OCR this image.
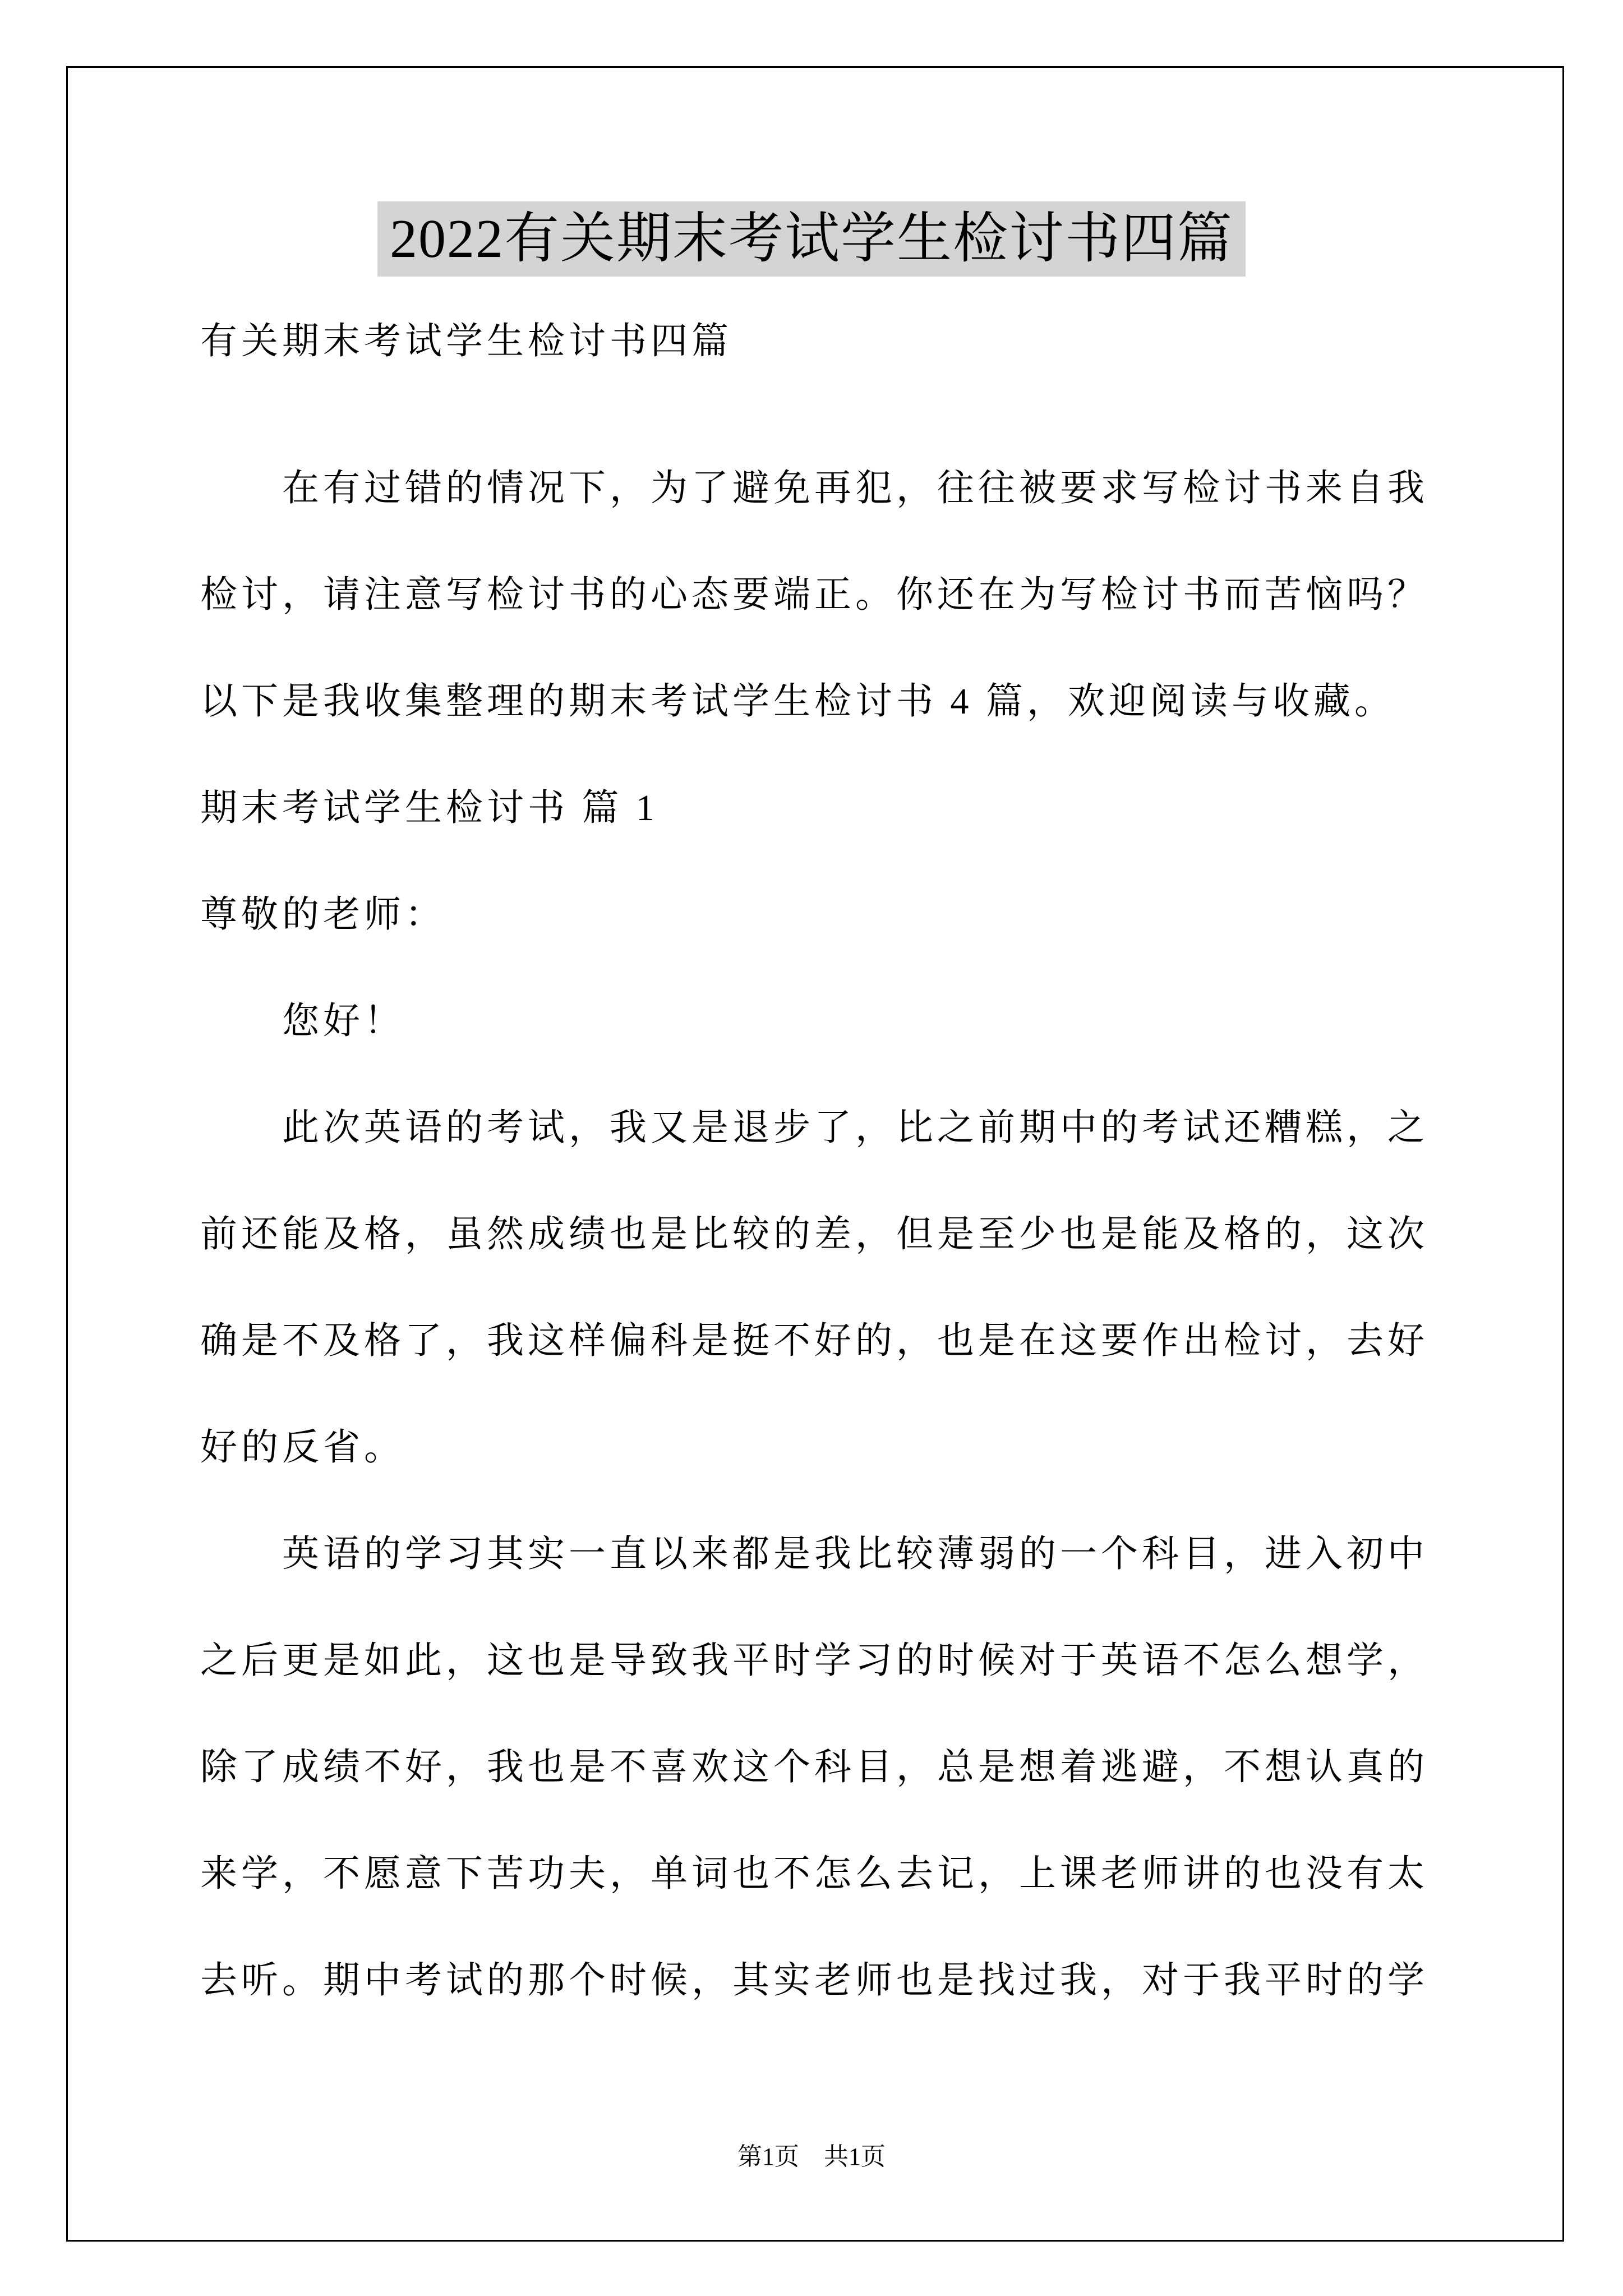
2022有关期末考试学生检讨书四篇
有关期末考试学生检讨书四篇
在有过错的情况下，为了避免再犯，往往被要求写检讨书来自我
检讨，请注意写检讨书的心态要端正。你还在为写检讨书而苦恼吗？
以下是我收集整理的期末考试学生检讨书 4 篇，欢迎阅读与收藏。
期末考试学生检讨书 篇 1
尊敬的老师：
您好！
此次英语的考试，我又是退步了，比之前期中的考试还糟糕，之
前还能及格，虽然成绩也是比较的差，但是至少也是能及格的，这次
确是不及格了，我这样偏科是挺不好的，也是在这要作出检讨，去好
好的反省。
英语的学习其实一直以来都是我比较薄弱的一个科目，进入初中
之后更是如此，这也是导致我平时学习的时候对于英语不怎么想学，
除了成绩不好，我也是不喜欢这个科目，总是想着逃避，不想认真的
来学，不愿意下苦功夫，单词也不怎么去记，上课老师讲的也没有太
去听。期中考试的那个时候，其实老师也是找过我，对于我平时的学
第1页　共1页
